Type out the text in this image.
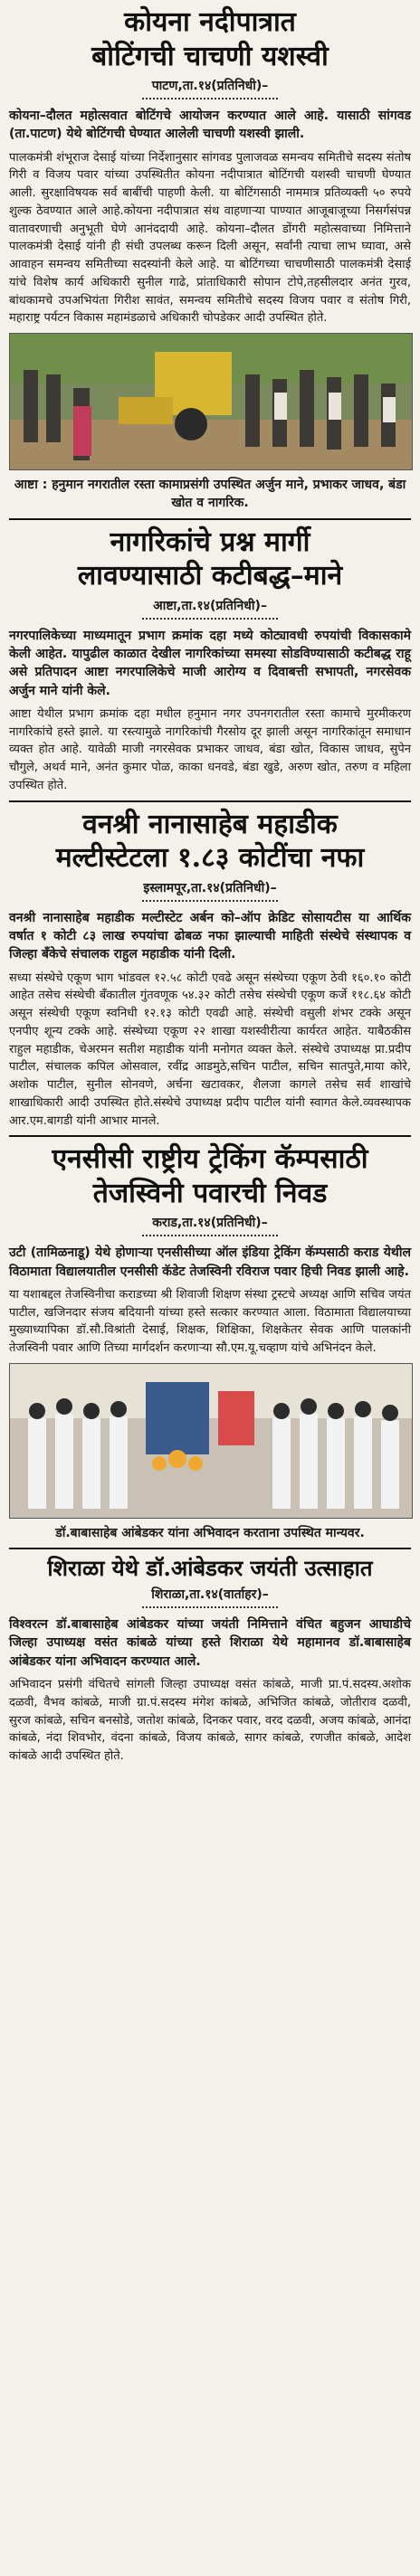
कोयना नदीपात्रात
बोटिंगची चाचणी यशस्वी
पाटण,ता.१४(प्रतिनिधी)–

कोयना–दौलत महोत्सवात बोटिंगचे आयोजन करण्यात आले आहे. यासाठी सांगवड (ता.पाटण) येथे बोटिंगची घेण्यात आलेली चाचणी यशस्वी झाली.

पालकमंत्री शंभूराज देसाई यांच्या निर्देशानुसार सांगवड पुलाजवळ समन्वय समितीचे सदस्य संतोष गिरी व विजय पवार यांच्या उपस्थितीत कोयना नदीपात्रात बोटिंगची यशस्वी चाचणी घेण्यात आली. सुरक्षाविषयक सर्व बाबींची पाहणी केली. या बोटिंगसाठी नाममात्र प्रतिव्यक्ती ५० रुपये शुल्क ठेवण्यात आले आहे.कोयना नदीपात्रात संथ वाहणाऱ्या पाण्यात आजूबाजूच्या निसर्गसंपन्न वातावरणाची अनुभूती घेणे आनंददायी आहे. कोयना–दौलत डोंगरी महोत्सवाच्या निमित्ताने पालकमंत्री देसाई यांनी ही संधी उपलब्ध करून दिली असून, सर्वांनी त्याचा लाभ घ्यावा, असे आवाहन समन्वय समितीच्या सदस्यांनी केले आहे. या बोटिंगच्या चाचणीसाठी पालकमंत्री देसाई यांचे विशेष कार्य अधिकारी सुनील गाढे, प्रांताधिकारी सोपान टोपे,तहसीलदार अनंत गुरव, बांधकामचे उपअभियंता गिरीश सावंत, समन्वय समितीचे सदस्य विजय पवार व संतोष गिरी, महाराष्ट्र पर्यटन विकास महामंडळाचे अधिकारी चोपडेकर आदी उपस्थित होते.

आष्टा : हनुमान नगरातील रस्ता कामाप्रसंगी उपस्थित अर्जुन माने, प्रभाकर जाधव, बंडा खोत व नागरिक.
नागरिकांचे प्रश्न मार्गी
लावण्यासाठी कटीबद्ध–माने
आष्टा,ता.१४(प्रतिनिधी)–

नगरपालिकेच्या माध्यमातून प्रभाग क्रमांक दहा मध्ये कोट्यावधी रुपयांची विकासकामे केली आहेत. यापुढील काळात देखील नागरिकांच्या समस्या सोडविण्यासाठी कटीबद्ध राहू असे प्रतिपादन आष्टा नगरपालिकेचे माजी आरोग्य व दिवाबत्ती सभापती, नगरसेवक अर्जुन माने यांनी केले.

आष्टा येथील प्रभाग क्रमांक दहा मधील हनुमान नगर उपनगरातील रस्ता कामाचे मुरमीकरण नागरिकांचे हस्ते झाले. या रस्त्यामुळे नागरिकांची गैरसोय दूर झाली असून नागरिकांतून समाधान व्यक्त होत आहे. यावेळी माजी नगरसेवक प्रभाकर जाधव, बंडा खोत, विकास जाधव, सुपेन चौगुले, अथर्व माने, अनंत कुमार पोळ, काका धनवडे, बंडा खुडे, अरुण खोत, तरुण व महिला उपस्थित होते.

वनश्री नानासाहेब महाडीक
मल्टीस्टेटला १.८३ कोटींचा नफा
इस्लामपूर,ता.१४(प्रतिनिधी)–

वनश्री नानासाहेब महाडीक मल्टीस्टेट अर्बन को–ऑप क्रेडिट सोसायटीस या आर्थिक वर्षात १ कोटी ८३ लाख रुपयांचा ढोबळ नफा झाल्याची माहिती संस्थेचे संस्थापक व जिल्हा बँकेचे संचालक राहुल महाडीक यांनी दिली.

सध्या संस्थेचे एकूण भाग भांडवल १२.५८ कोटी एवढे असून संस्थेच्या एकूण ठेवी १६०.१० कोटी आहेत तसेच संस्थेची बँकातील गुंतवणूक ५४.३२ कोटी तसेच संस्थेची एकूण कर्जे ११८.६४ कोटी असून संस्थेची एकूण स्वनिधी १२.१३ कोटी एवढी आहे. संस्थेची वसुली शंभर टक्के असून एनपीए शून्य टक्के आहे. संस्थेच्या एकूण २२ शाखा यशस्वीरीत्या कार्यरत आहेत. याबैठकीस राहुल महाडीक, चेअरमन सतीश महाडीक यांनी मनोगत व्यक्त केले. संस्थेचे उपाध्यक्ष प्रा.प्रदीप पाटील, संचालक कपिल ओसवाल, रवींद्र आडमुठे,सचिन पाटील, सचिन सातपुते,माया कोरे, अशोक पाटील, सुनील सोनवणे, अर्चना खटावकर, शैलजा कागले तसेच सर्व शाखांचे शाखाधिकारी आदी उपस्थित होते.संस्थेचे उपाध्यक्ष प्रदीप पाटील यांनी स्वागत केले.व्यवस्थापक आर.एम.बागडी यांनी आभार मानले.

एनसीसी राष्ट्रीय ट्रेकिंग कॅम्पसाठी
तेजस्विनी पवारची निवड
कराड,ता.१४(प्रतिनिधी)–

उटी (तामिळनाडू) येथे होणाऱ्या एनसीसीच्या ऑल इंडिया ट्रेकिंग कॅम्पसाठी कराड येथील विठामाता विद्यालयातील एनसीसी कॅडेट तेजस्विनी रविराज पवार हिची निवड झाली आहे.

या यशाबद्दल तेजस्विनीचा कराडच्या श्री शिवाजी शिक्षण संस्था ट्रस्टचे अध्यक्ष आणि सचिव जयंत पाटील, खजिनदार संजय बदियानी यांच्या हस्ते सत्कार करण्यात आला. विठामाता विद्यालयाच्या मुख्याध्यापिका डॉ.सौ.विश्रांती देसाई, शिक्षक, शिक्षिका, शिक्षकेतर सेवक आणि पालकांनी तेजस्विनी पवार आणि तिच्या मार्गदर्शन करणाऱ्या सौ.एम.यू.चव्हाण यांचे अभिनंदन केले.

डॉ.बाबासाहेब आंबेडकर यांना अभिवादन करताना उपस्थित मान्यवर.
शिराळा येथे डॉ.आंबेडकर जयंती उत्साहात
शिराळा,ता.१४(वार्ताहर)–

विश्वरत्न डॉ.बाबासाहेब आंबेडकर यांच्या जयंती निमित्ताने वंचित बहुजन आघाडीचे जिल्हा उपाध्यक्ष वसंत कांबळे यांच्या हस्ते शिराळा येथे महामानव डॉ.बाबासाहेब आंबेडकर यांना अभिवादन करण्यात आले.

अभिवादन प्रसंगी वंचितचे सांगली जिल्हा उपाध्यक्ष वसंत कांबळे, माजी प्रा.पं.सदस्य.अशोक दळवी, वैभव कांबळे, माजी ग्रा.पं.सदस्य मंगेश कांबळे, अभिजित कांबळे, जोतीराव दळवी, सुरज कांबळे, सचिन बनसोडे, जतोश कांबळे, दिनकर पवार, वरद दळवी, अजय कांबळे, आनंदा कांबळे, नंदा शिवभोर, वंदना कांबळे, विजय कांबळे, सागर कांबळे, रणजीत कांबळे, आदेश कांबळे आदी उपस्थित होते.
